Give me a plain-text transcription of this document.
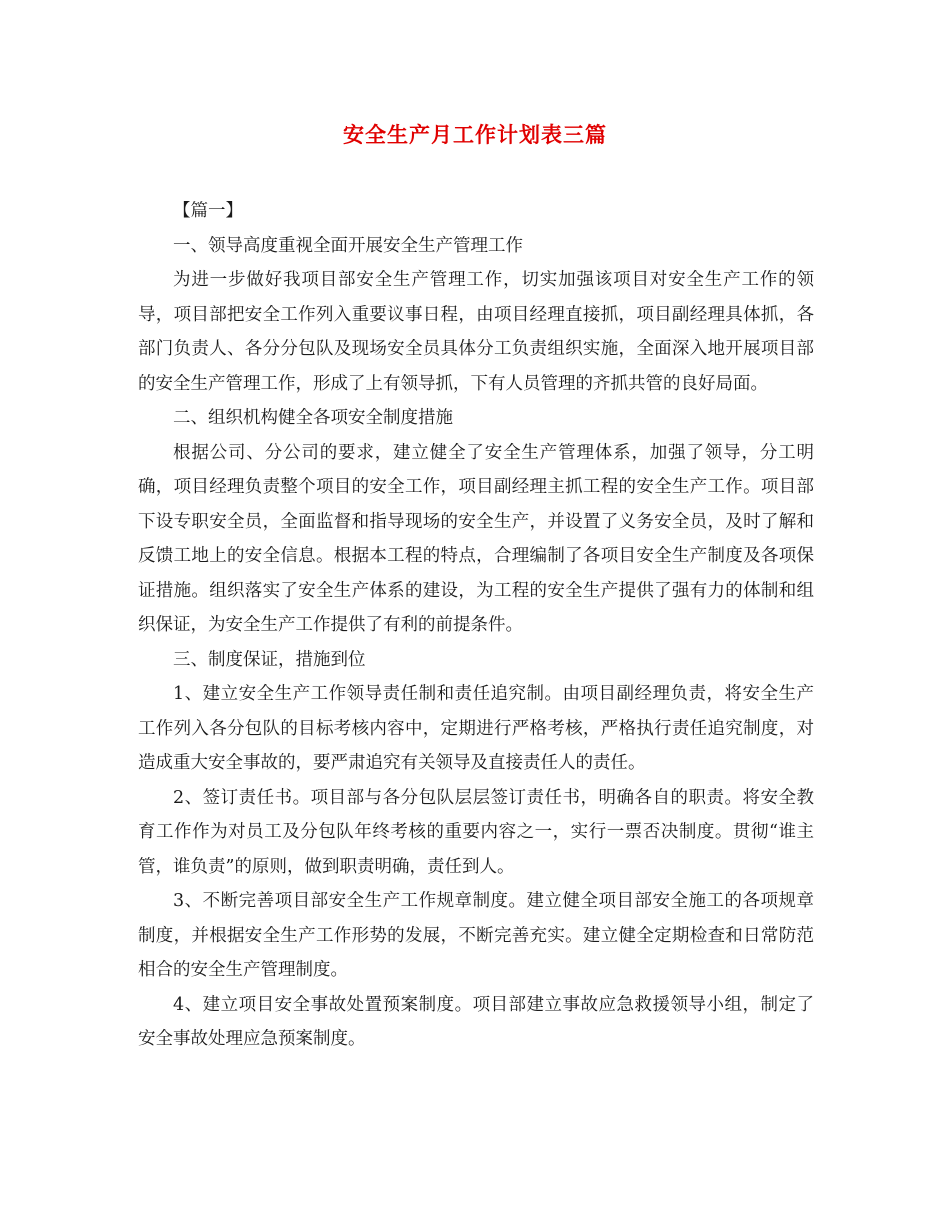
安全生产月工作计划表三篇

【篇一】

一、领导高度重视全面开展安全生产管理工作

为进一步做好我项目部安全生产管理工作，切实加强该项目对安全生产工作的领导，项目部把安全工作列入重要议事日程，由项目经理直接抓，项目副经理具体抓，各部门负责人、各分分包队及现场安全员具体分工负责组织实施，全面深入地开展项目部的安全生产管理工作，形成了上有领导抓，下有人员管理的齐抓共管的良好局面。

二、组织机构健全各项安全制度措施

根据公司、分公司的要求，建立健全了安全生产管理体系，加强了领导，分工明确，项目经理负责整个项目的安全工作，项目副经理主抓工程的安全生产工作。项目部下设专职安全员，全面监督和指导现场的安全生产，并设置了义务安全员，及时了解和反馈工地上的安全信息。根据本工程的特点，合理编制了各项目安全生产制度及各项保证措施。组织落实了安全生产体系的建设，为工程的安全生产提供了强有力的体制和组织保证，为安全生产工作提供了有利的前提条件。

三、制度保证，措施到位

1、建立安全生产工作领导责任制和责任追究制。由项目副经理负责，将安全生产工作列入各分包队的目标考核内容中，定期进行严格考核，严格执行责任追究制度，对造成重大安全事故的，要严肃追究有关领导及直接责任人的责任。

2、签订责任书。项目部与各分包队层层签订责任书，明确各自的职责。将安全教育工作作为对员工及分包队年终考核的重要内容之一，实行一票否决制度。贯彻“谁主管，谁负责”的原则，做到职责明确，责任到人。

3、不断完善项目部安全生产工作规章制度。建立健全项目部安全施工的各项规章制度，并根据安全生产工作形势的发展，不断完善充实。建立健全定期检查和日常防范相合的安全生产管理制度。

4、建立项目安全事故处置预案制度。项目部建立事故应急救援领导小组，制定了安全事故处理应急预案制度。
